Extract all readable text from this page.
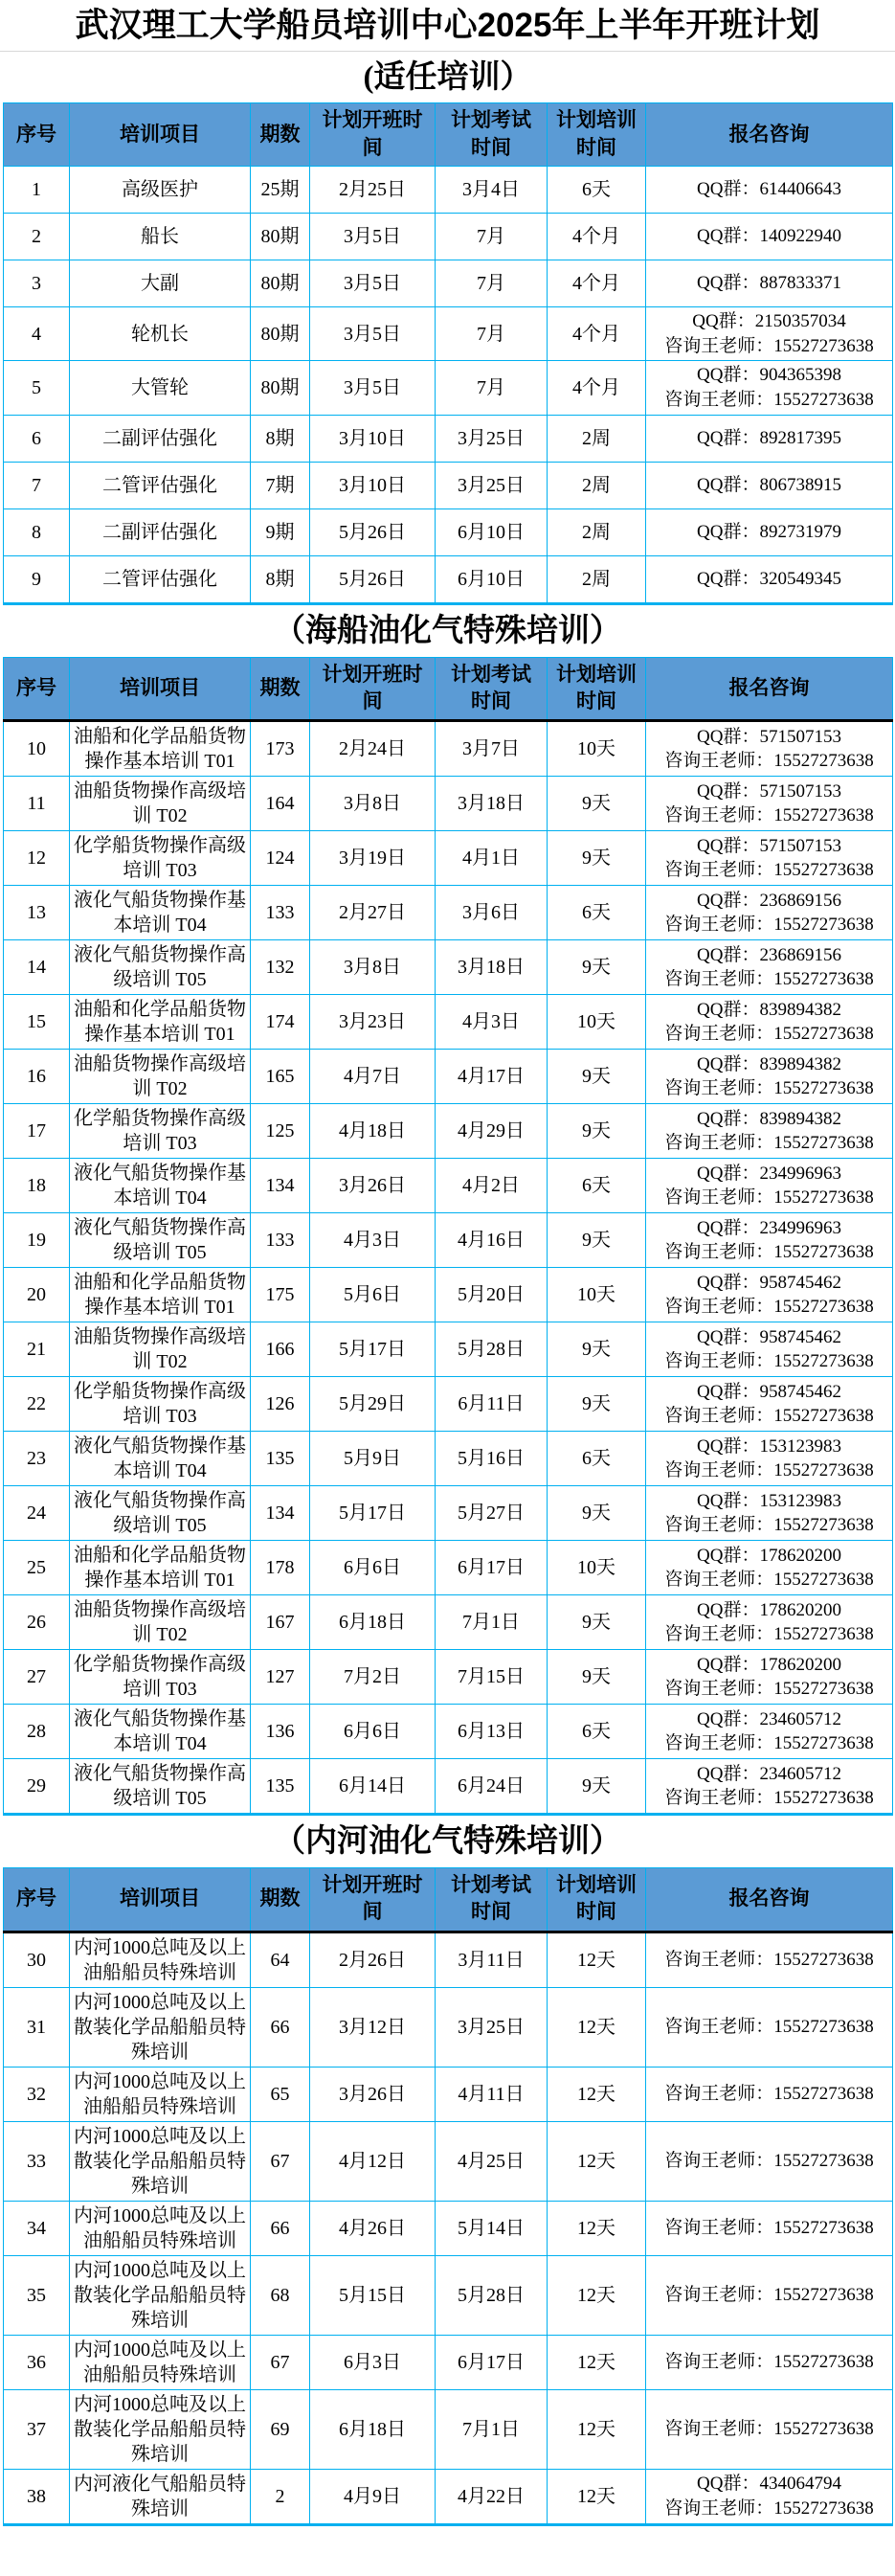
武汉理工大学船员培训中心2025年上半年开班计划
(适任培训）
序号	培训项目	期数	计划开班时间	计划考试时间	计划培训时间	报名咨询
1	高级医护	25期	2月25日	3月4日	6天	QQ群：614406643

2	船长	80期	3月5日	7月	4个月	QQ群：140922940

3	大副	80期	3月5日	7月	4个月	QQ群：887833371

4	轮机长	80期	3月5日	7月	4个月	QQ群：2150357034
咨询王老师：15527273638

5	大管轮	80期	3月5日	7月	4个月	QQ群：904365398
咨询王老师：15527273638

6	二副评估强化	8期	3月10日	3月25日	2周	QQ群：892817395

7	二管评估强化	7期	3月10日	3月25日	2周	QQ群：806738915

8	二副评估强化	9期	5月26日	6月10日	2周	QQ群：892731979

9	二管评估强化	8期	5月26日	6月10日	2周	QQ群：320549345
（海船油化气特殊培训）
序号	培训项目	期数	计划开班时间	计划考试时间	计划培训时间	报名咨询
10	油船和化学品船货物操作基本培训 T01	173	2月24日	3月7日	10天	QQ群：571507153
咨询王老师：15527273638

11	油船货物操作高级培训 T02	164	3月8日	3月18日	9天	QQ群：571507153
咨询王老师：15527273638

12	化学船货物操作高级培训 T03	124	3月19日	4月1日	9天	QQ群：571507153
咨询王老师：15527273638

13	液化气船货物操作基本培训 T04	133	2月27日	3月6日	6天	QQ群：236869156
咨询王老师：15527273638

14	液化气船货物操作高级培训 T05	132	3月8日	3月18日	9天	QQ群：236869156
咨询王老师：15527273638

15	油船和化学品船货物操作基本培训 T01	174	3月23日	4月3日	10天	QQ群：839894382
咨询王老师：15527273638

16	油船货物操作高级培训 T02	165	4月7日	4月17日	9天	QQ群：839894382
咨询王老师：15527273638

17	化学船货物操作高级培训 T03	125	4月18日	4月29日	9天	QQ群：839894382
咨询王老师：15527273638

18	液化气船货物操作基本培训 T04	134	3月26日	4月2日	6天	QQ群：234996963
咨询王老师：15527273638

19	液化气船货物操作高级培训 T05	133	4月3日	4月16日	9天	QQ群：234996963
咨询王老师：15527273638

20	油船和化学品船货物操作基本培训 T01	175	5月6日	5月20日	10天	QQ群：958745462
咨询王老师：15527273638

21	油船货物操作高级培训 T02	166	5月17日	5月28日	9天	QQ群：958745462
咨询王老师：15527273638

22	化学船货物操作高级培训 T03	126	5月29日	6月11日	9天	QQ群：958745462
咨询王老师：15527273638

23	液化气船货物操作基本培训 T04	135	5月9日	5月16日	6天	QQ群：153123983
咨询王老师：15527273638

24	液化气船货物操作高级培训 T05	134	5月17日	5月27日	9天	QQ群：153123983
咨询王老师：15527273638

25	油船和化学品船货物操作基本培训 T01	178	6月6日	6月17日	10天	QQ群：178620200
咨询王老师：15527273638

26	油船货物操作高级培训 T02	167	6月18日	7月1日	9天	QQ群：178620200
咨询王老师：15527273638

27	化学船货物操作高级培训 T03	127	7月2日	7月15日	9天	QQ群：178620200
咨询王老师：15527273638

28	液化气船货物操作基本培训 T04	136	6月6日	6月13日	6天	QQ群：234605712
咨询王老师：15527273638

29	液化气船货物操作高级培训 T05	135	6月14日	6月24日	9天	QQ群：234605712
咨询王老师：15527273638
（内河油化气特殊培训）
序号	培训项目	期数	计划开班时间	计划考试时间	计划培训时间	报名咨询
30	内河1000总吨及以上油船船员特殊培训	64	2月26日	3月11日	12天	咨询王老师：15527273638

31	内河1000总吨及以上散装化学品船船员特殊培训	66	3月12日	3月25日	12天	咨询王老师：15527273638

32	内河1000总吨及以上油船船员特殊培训	65	3月26日	4月11日	12天	咨询王老师：15527273638

33	内河1000总吨及以上散装化学品船船员特殊培训	67	4月12日	4月25日	12天	咨询王老师：15527273638

34	内河1000总吨及以上油船船员特殊培训	66	4月26日	5月14日	12天	咨询王老师：15527273638

35	内河1000总吨及以上散装化学品船船员特殊培训	68	5月15日	5月28日	12天	咨询王老师：15527273638

36	内河1000总吨及以上油船船员特殊培训	67	6月3日	6月17日	12天	咨询王老师：15527273638

37	内河1000总吨及以上散装化学品船船员特殊培训	69	6月18日	7月1日	12天	咨询王老师：15527273638

38	内河液化气船船员特殊培训	2	4月9日	4月22日	12天	QQ群：434064794
咨询王老师：15527273638
